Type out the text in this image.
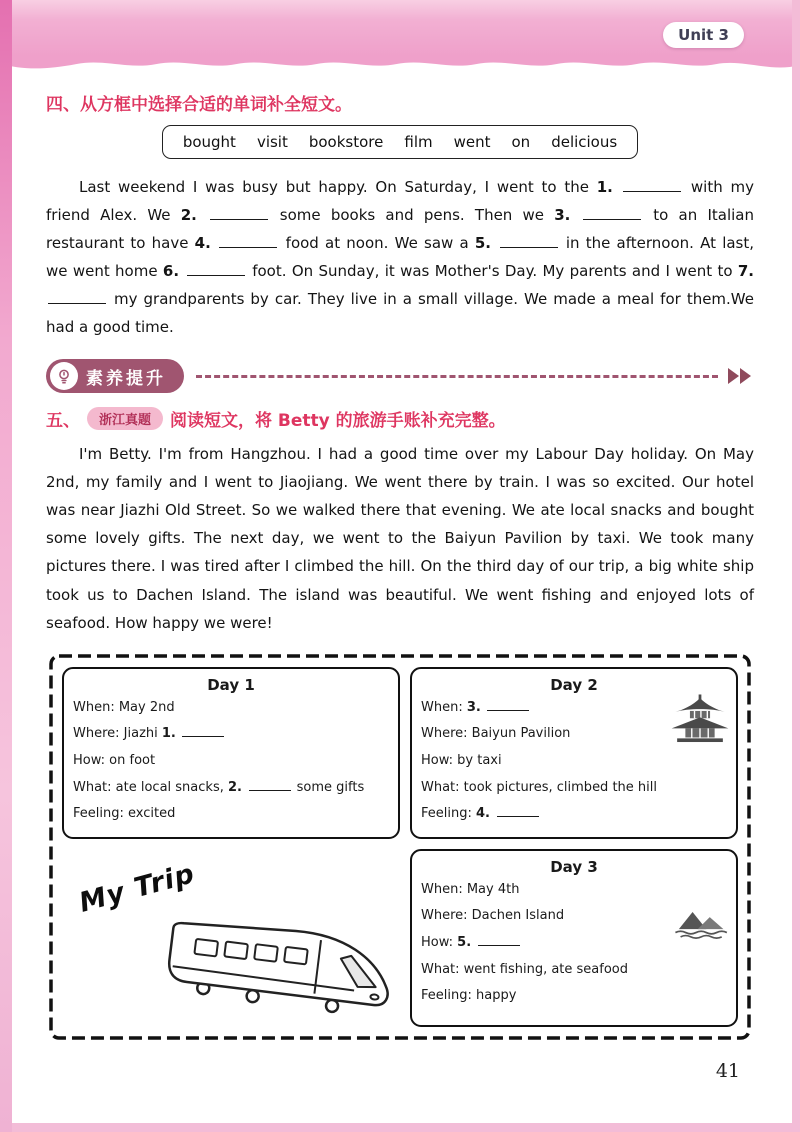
Unit 3
四、从方框中选择合适的单词补全短文。
bought visit bookstore film went on delicious

Last weekend I was busy but happy. On Saturday, I went to the 1.	with my friend Alex. We 2.	some books and pens. Then we 3.	to an Italian restaurant to have 4.	food at noon. We saw a 5.	in the afternoon. At last, we went home 6.	foot. On Sunday, it was Mother's Day. My parents and I went to 7.  my grandparents by car. They live in a small village. We made a meal for them.We had a good time.

素养提升
五、	浙江真题	阅读短文，将 Betty 的旅游手账补充完整。

I'm Betty. I'm from Hangzhou. I had a good time over my Labour Day holiday. On May 2nd, my family and I went to Jiaojiang. We went there by train. I was so excited. Our hotel was near Jiazhi Old Street. So we walked there that evening. We ate local snacks and bought some lovely gifts. The next day, we went to the Baiyun Pavilion by taxi. We took many pictures there. I was tired after I climbed the hill. On the third day of our trip, a big white ship took us to Dachen Island. The island was beautiful. We went fishing and enjoyed lots of seafood. How happy we were!

Day 1
When: May 2nd
Where: Jiazhi 1.
How: on foot
What: ate local snacks, 2.	some gifts
Feeling: excited
Day 2
When: 3.
Where: Baiyun Pavilion
How: by taxi
What: took pictures, climbed the hill
Feeling: 4.
My Trip	Day 3
When: May 4th
Where: Dachen Island
How: 5.
What: went fishing, ate seafood
Feeling: happy
41
